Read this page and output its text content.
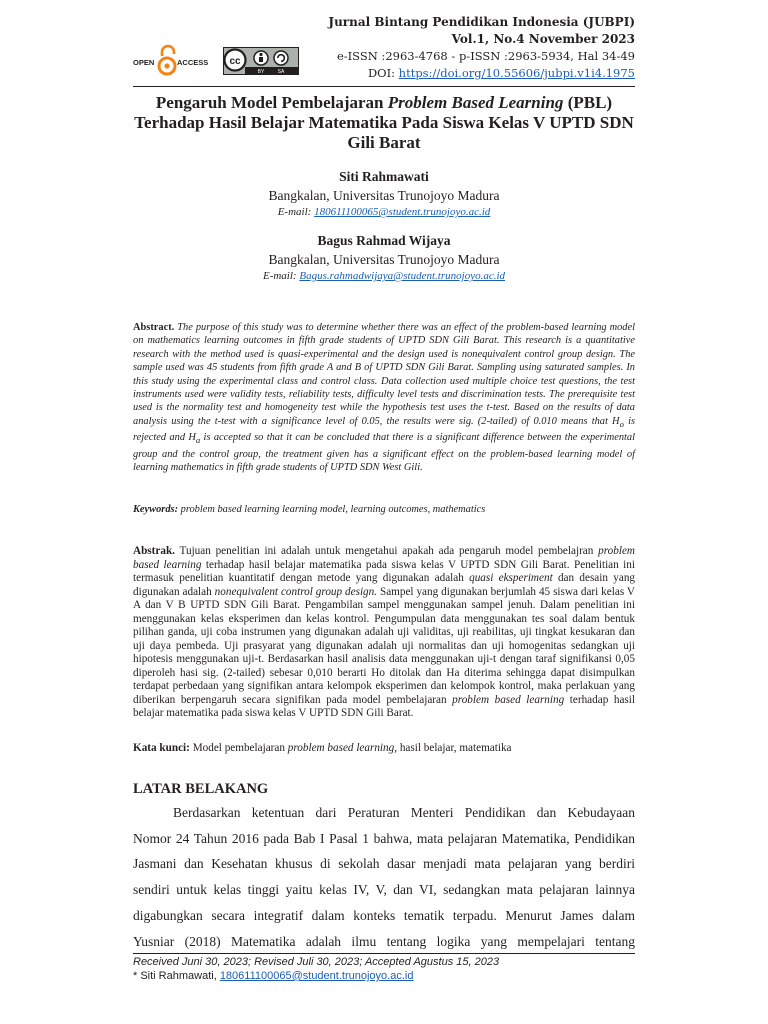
Jurnal Bintang Pendidikan Indonesia (JUBPI)
Vol.1, No.4 November 2023
e-ISSN :2963-4768 - p-ISSN :2963-5934, Hal 34-49
DOI: https://doi.org/10.55606/jubpi.v1i4.1975
OPEN	ACCESS cc
BY	SA
Pengaruh Model Pembelajaran Problem Based Learning (PBL)
Terhadap Hasil Belajar Matematika Pada Siswa Kelas V UPTD SDN
Gili Barat
Siti Rahmawati
Bangkalan, Universitas Trunojoyo Madura
E-mail: 180611100065@student.trunojoyo.ac.id
Bagus Rahmad Wijaya
Bangkalan, Universitas Trunojoyo Madura
E-mail: Bagus.rahmadwijaya@student.trunojoyo.ac.id
Abstract. The purpose of this study was to determine whether there was an effect of the problem-based learning model on mathematics learning outcomes in fifth grade students of UPTD SDN Gili Barat. This research is a quantitative research with the method used is quasi-experimental and the design used is nonequivalent control group design. The sample used was 45 students from fifth grade A and B of UPTD SDN Gili Barat. Sampling using saturated samples. In this study using the experimental class and control class. Data collection used multiple choice test questions, the test instruments used were validity tests, reliability tests, difficulty level tests and discrimination tests. The prerequisite test used is the normality test and homogeneity test while the hypothesis test uses the t-test. Based on the results of data analysis using the t-test with a significance level of 0.05, the results were sig. (2-tailed) of 0.010 means that $H_o$ is rejected and $H_a$ is accepted so that it can be concluded that there is a significant difference between the experimental group and the control group, the treatment given has a significant effect on the problem-based learning model of learning mathematics in fifth grade students of UPTD SDN West Gili.
Keywords: problem based learning learning model, learning outcomes, mathematics
Abstrak. Tujuan penelitian ini adalah untuk mengetahui apakah ada pengaruh model pembelajran problem based learning terhadap hasil belajar matematika pada siswa kelas V UPTD SDN Gili Barat. Penelitian ini termasuk penelitian kuantitatif dengan metode yang digunakan adalah quasi eksperiment dan desain yang digunakan adalah nonequivalent control group design. Sampel yang digunakan berjumlah 45 siswa dari kelas V A dan V B UPTD SDN Gili Barat. Pengambilan sampel menggunakan sampel jenuh. Dalam penelitian ini menggunakan kelas eksperimen dan kelas kontrol. Pengumpulan data menggunakan tes soal dalam bentuk pilihan ganda, uji coba instrumen yang digunakan adalah uji validitas, uji reabilitas, uji tingkat kesukaran dan uji daya pembeda. Uji prasyarat yang digunakan adalah uji normalitas dan uji homogenitas sedangkan uji hipotesis menggunakan uji-t. Berdasarkan hasil analisis data menggunakan uji-t dengan taraf signifikansi 0,05 diperoleh hasi sig. (2-tailed) sebesar 0,010 berarti Ho ditolak dan Ha diterima sehingga dapat disimpulkan terdapat perbedaan yang signifikan antara kelompok eksperimen dan kelompok kontrol, maka perlakuan yang diberikan berpengaruh secara signifikan pada model pembelajaran problem based learning terhadap hasil belajar matematika pada siswa kelas V UPTD SDN Gili Barat.
Kata kunci: Model pembelajaran problem based learning, hasil belajar, matematika
LATAR BELAKANG
Berdasarkan ketentuan dari Peraturan Menteri Pendidikan dan Kebudayaan
Nomor 24 Tahun 2016 pada Bab I Pasal 1 bahwa, mata pelajaran Matematika, Pendidikan
Jasmani dan Kesehatan khusus di sekolah dasar menjadi mata pelajaran yang berdiri
sendiri untuk kelas tinggi yaitu kelas IV, V, dan VI, sedangkan mata pelajaran lainnya
digabungkan secara integratif dalam konteks tematik terpadu. Menurut James dalam
Yusniar (2018) Matematika adalah ilmu tentang logika yang mempelajari tentang
Received Juni 30, 2023; Revised Juli 30, 2023; Accepted Agustus 15, 2023
* Siti Rahmawati, 180611100065@student.trunojoyo.ac.id
